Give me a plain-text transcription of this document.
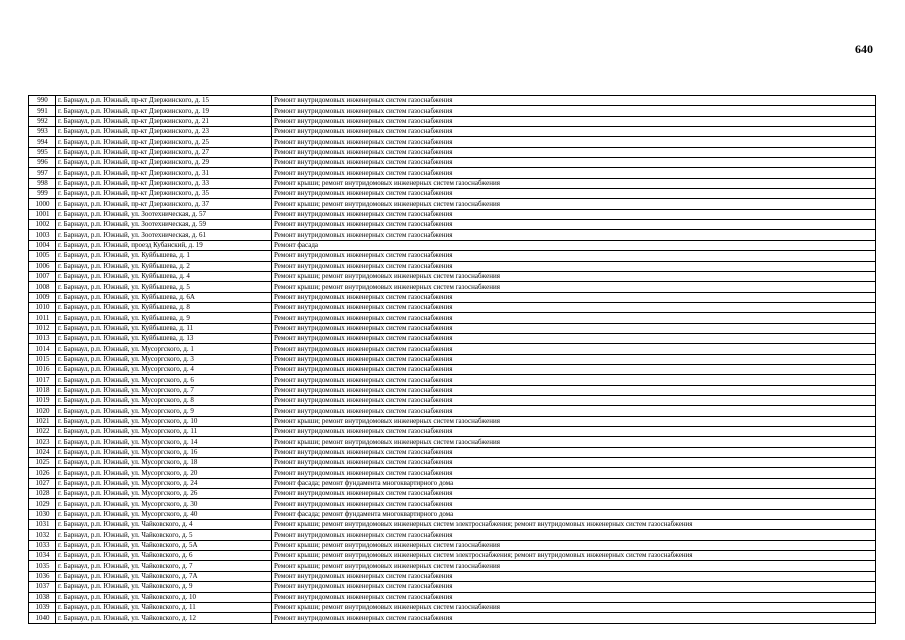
640
990	г. Барнаул, р.п. Южный, пр-кт Дзержинского, д. 15	Ремонт внутридомовых инженерных систем газоснабжения
991	г. Барнаул, р.п. Южный, пр-кт Дзержинского, д. 19	Ремонт внутридомовых инженерных систем газоснабжения
992	г. Барнаул, р.п. Южный, пр-кт Дзержинского, д. 21	Ремонт внутридомовых инженерных систем газоснабжения
993	г. Барнаул, р.п. Южный, пр-кт Дзержинского, д. 23	Ремонт внутридомовых инженерных систем газоснабжения
994	г. Барнаул, р.п. Южный, пр-кт Дзержинского, д. 25	Ремонт внутридомовых инженерных систем газоснабжения
995	г. Барнаул, р.п. Южный, пр-кт Дзержинского, д. 27	Ремонт внутридомовых инженерных систем газоснабжения
996	г. Барнаул, р.п. Южный, пр-кт Дзержинского, д. 29	Ремонт внутридомовых инженерных систем газоснабжения
997	г. Барнаул, р.п. Южный, пр-кт Дзержинского, д. 31	Ремонт внутридомовых инженерных систем газоснабжения
998	г. Барнаул, р.п. Южный, пр-кт Дзержинского, д. 33	Ремонт крыши; ремонт внутридомовых инженерных систем газоснабжения
999	г. Барнаул, р.п. Южный, пр-кт Дзержинского, д. 35	Ремонт внутридомовых инженерных систем газоснабжения
1000	г. Барнаул, р.п. Южный, пр-кт Дзержинского, д. 37	Ремонт крыши; ремонт внутридомовых инженерных систем газоснабжения
1001	г. Барнаул, р.п. Южный, ул. Зоотехническая, д. 57	Ремонт внутридомовых инженерных систем газоснабжения
1002	г. Барнаул, р.п. Южный, ул. Зоотехническая, д. 59	Ремонт внутридомовых инженерных систем газоснабжения
1003	г. Барнаул, р.п. Южный, ул. Зоотехническая, д. 61	Ремонт внутридомовых инженерных систем газоснабжения
1004	г. Барнаул, р.п. Южный, проезд Кубанский, д. 19	Ремонт фасада
1005	г. Барнаул, р.п. Южный, ул. Куйбышева, д. 1	Ремонт внутридомовых инженерных систем газоснабжения
1006	г. Барнаул, р.п. Южный, ул. Куйбышева, д. 2	Ремонт внутридомовых инженерных систем газоснабжения
1007	г. Барнаул, р.п. Южный, ул. Куйбышева, д. 4	Ремонт крыши; ремонт внутридомовых инженерных систем газоснабжения
1008	г. Барнаул, р.п. Южный, ул. Куйбышева, д. 5	Ремонт крыши; ремонт внутридомовых инженерных систем газоснабжения
1009	г. Барнаул, р.п. Южный, ул. Куйбышева, д. 6А	Ремонт внутридомовых инженерных систем газоснабжения
1010	г. Барнаул, р.п. Южный, ул. Куйбышева, д. 8	Ремонт внутридомовых инженерных систем газоснабжения
1011	г. Барнаул, р.п. Южный, ул. Куйбышева, д. 9	Ремонт внутридомовых инженерных систем газоснабжения
1012	г. Барнаул, р.п. Южный, ул. Куйбышева, д. 11	Ремонт внутридомовых инженерных систем газоснабжения
1013	г. Барнаул, р.п. Южный, ул. Куйбышева, д. 13	Ремонт внутридомовых инженерных систем газоснабжения
1014	г. Барнаул, р.п. Южный, ул. Мусоргского, д. 1	Ремонт внутридомовых инженерных систем газоснабжения
1015	г. Барнаул, р.п. Южный, ул. Мусоргского, д. 3	Ремонт внутридомовых инженерных систем газоснабжения
1016	г. Барнаул, р.п. Южный, ул. Мусоргского, д. 4	Ремонт внутридомовых инженерных систем газоснабжения
1017	г. Барнаул, р.п. Южный, ул. Мусоргского, д. 6	Ремонт внутридомовых инженерных систем газоснабжения
1018	г. Барнаул, р.п. Южный, ул. Мусоргского, д. 7	Ремонт внутридомовых инженерных систем газоснабжения
1019	г. Барнаул, р.п. Южный, ул. Мусоргского, д. 8	Ремонт внутридомовых инженерных систем газоснабжения
1020	г. Барнаул, р.п. Южный, ул. Мусоргского, д. 9	Ремонт внутридомовых инженерных систем газоснабжения
1021	г. Барнаул, р.п. Южный, ул. Мусоргского, д. 10	Ремонт крыши; ремонт внутридомовых инженерных систем газоснабжения
1022	г. Барнаул, р.п. Южный, ул. Мусоргского, д. 11	Ремонт внутридомовых инженерных систем газоснабжения
1023	г. Барнаул, р.п. Южный, ул. Мусоргского, д. 14	Ремонт крыши; ремонт внутридомовых инженерных систем газоснабжения
1024	г. Барнаул, р.п. Южный, ул. Мусоргского, д. 16	Ремонт внутридомовых инженерных систем газоснабжения
1025	г. Барнаул, р.п. Южный, ул. Мусоргского, д. 18	Ремонт внутридомовых инженерных систем газоснабжения
1026	г. Барнаул, р.п. Южный, ул. Мусоргского, д. 20	Ремонт внутридомовых инженерных систем газоснабжения
1027	г. Барнаул, р.п. Южный, ул. Мусоргского, д. 24	Ремонт фасада; ремонт фундамента многоквартирного дома
1028	г. Барнаул, р.п. Южный, ул. Мусоргского, д. 26	Ремонт внутридомовых инженерных систем газоснабжения
1029	г. Барнаул, р.п. Южный, ул. Мусоргского, д. 30	Ремонт внутридомовых инженерных систем газоснабжения
1030	г. Барнаул, р.п. Южный, ул. Мусоргского, д. 40	Ремонт фасада; ремонт фундамента многоквартирного дома
1031	г. Барнаул, р.п. Южный, ул. Чайковского, д. 4	Ремонт крыши; ремонт внутридомовых инженерных систем электроснабжения; ремонт внутридомовых инженерных систем газоснабжения
1032	г. Барнаул, р.п. Южный, ул. Чайковского, д. 5	Ремонт внутридомовых инженерных систем газоснабжения
1033	г. Барнаул, р.п. Южный, ул. Чайковского, д. 5А	Ремонт крыши; ремонт внутридомовых инженерных систем газоснабжения
1034	г. Барнаул, р.п. Южный, ул. Чайковского, д. 6	Ремонт крыши; ремонт внутридомовых инженерных систем электроснабжения; ремонт внутридомовых инженерных систем газоснабжения
1035	г. Барнаул, р.п. Южный, ул. Чайковского, д. 7	Ремонт крыши; ремонт внутридомовых инженерных систем газоснабжения
1036	г. Барнаул, р.п. Южный, ул. Чайковского, д. 7А	Ремонт внутридомовых инженерных систем газоснабжения
1037	г. Барнаул, р.п. Южный, ул. Чайковского, д. 9	Ремонт внутридомовых инженерных систем газоснабжения
1038	г. Барнаул, р.п. Южный, ул. Чайковского, д. 10	Ремонт внутридомовых инженерных систем газоснабжения
1039	г. Барнаул, р.п. Южный, ул. Чайковского, д. 11	Ремонт крыши; ремонт внутридомовых инженерных систем газоснабжения
1040	г. Барнаул, р.п. Южный, ул. Чайковского, д. 12	Ремонт внутридомовых инженерных систем газоснабжения
